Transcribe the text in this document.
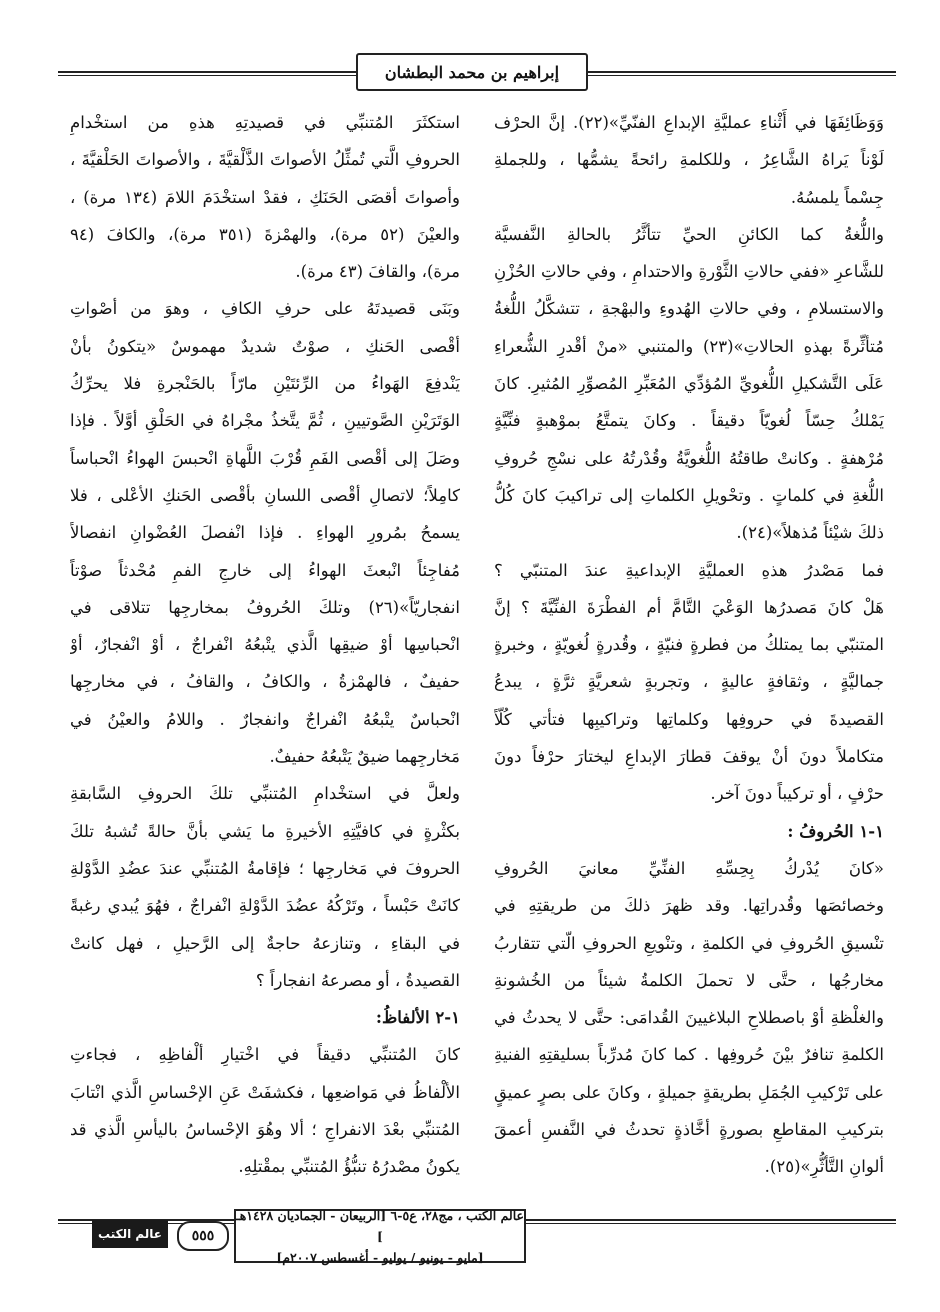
إبراهيم بن محمد البطشان
وَوَظَائِفَهَا في أَثْناءِ عمليَّةِ الإبداعِ الفنّيِّ»(٢٢). إنَّ الحرْف
لَوْناً يَراهُ الشَّاعِرُ ، وللكلمةِ رائحةً يشمُّها ، وللجملةِ
جِسْماً يلمسُهُ.
واللُّغةُ كما الكائنِ الحيِّ تتأثَّرُ بالحالةِ النَّفسيَّة
للشَّاعرِ «ففي حالاتِ الثَّوْرةِ والاحتدامِ ، وفي حالاتِ الحُزْنِ
والاستسلامِ ، وفي حالاتِ الهُدوءِ والبهْجةِ ، تتشكَّلُ اللُّغةُ
مُتأثِّرةً بهذهِ الحالاتِ»(٢٣) والمتنبي «منْ أقْدرِ الشُّعراءِ
عَلَى التَّشكيلِ اللُّغويِّ المُؤدِّي المُعَبِّرِ المُصوِّرِ المُثيرِ. كانَ
يَمْلكُ حِسّاً لُغويّاً دقيقاً . وكانَ يتمتَّعُ بموْهبةٍ فنِّيَّةٍ
مُرْهفةٍ . وكانتْ طاقتُهُ اللُّغويَّةُ وقُدْرتُهُ على نسْجِ حُروفِ
اللُّغةِ في كلماتٍ . وتحْويلِ الكلماتِ إلى تراكيبَ كانَ كُلُّ
ذلكَ شيْئاً مُذهلاً»(٢٤).
فما مَصْدرُ هذهِ العمليَّةِ الإبداعيةِ عندَ المتنبّي ؟
هَلْ كانَ مَصدرُها الوَعْيَ التَّامَّ أم الفطْرَةَ الفنِّيَّةَ ؟ إنَّ
المتنبّي بما يمتلكُ من فطرةٍ فنيّةٍ ، وقُدرةٍ لُغويّةٍ ، وخبرةٍ
جماليَّةٍ ، وثقافةٍ عاليةٍ ، وتجربةٍ شعريَّةٍ ثرَّةٍ ، يبدعُ
القصيدةَ في حروفِها وكلماتِها وتراكيبِها فتأتي كُلّاً
متكاملاً دونَ أنْ يوقفَ قطارَ الإبداعِ ليختارَ حرْفاً دونَ
حرْفٍ ، أو تركيباً دونَ آخر.
١-١ الحُروفُ :
«كانَ يُدْركُ بِحِسِّهِ الفنِّيِّ معانيَ الحُروفِ
وخصائصَها وقُدراتِها. وقد ظهرَ ذلكَ من طريقتِهِ في
تنْسيقِ الحُروفِ في الكلمةِ ، وتنْويعِ الحروفِ الّتي تتقاربُ
مخارجُها ، حتَّى لا تحملَ الكلمةُ شيئاً من الخُشونةِ
والغلْظةِ أوْ باصطلاحِ البلاغيينَ القُدامَى: حتَّى لا يحدثُ في
الكلمةِ تنافرٌ بيْنَ حُروفِها . كما كانَ مُدرِّباً بسليقتِهِ الفنيةِ
على تَرْكيبِ الجُمَلِ بطريقةٍ جميلةٍ ، وكانَ على بصرٍ عميقٍ
بتركيبِ المقاطعِ بصورةٍ أخَّاذةٍ تحدثُ في النَّفسِ أعمقَ
ألوانِ التَّأثُّرِ»(٢٥).
استكثَرَ المُتنبِّي في قصيدتِهِ هذهِ من استخْدامِ
الحروفِ الَّتي تُمثِّلُ الأصواتَ الذَّلْقيَّةَ ، والأصواتَ الحَلْقيَّةَ ،
وأصواتَ أقصَى الحَنَكِ ، فقدْ استخْدَمَ اللامَ (١٣٤ مرة) ،
والعيْنَ (٥٢ مرة)، والهمْزةَ (٣٥١ مرة)، والكافَ (٩٤
مرة)، والقافَ (٤٣ مرة).
وبَنَى قصيدتَهُ على حرفِ الكافِ ، وهوَ من أصْواتِ
أقْصى الحَنكِ ، صوْتٌ شديدٌ مهموسٌ «يتكونُ بأنْ
يَنْدفِعَ الهَواءُ من الرِّئتَيْنِ مارّاً بالحَنْجرةِ فلا يحرِّكُ
الوَتَرَيْنِ الصَّوتيينِ ، ثُمَّ يتَّخذُ مجْراهُ في الحَلْقِ أوَّلاً . فإذا
وصَلَ إلى أقْصى الفَمِ قُرْبَ اللَّهاةِ انْحبسَ الهواءُ انْحباساً
كامِلاً؛ لاتصالِ أقْصى اللسانِ بأقْصى الحَنكِ الأعْلى ، فلا
يسمحُ بمُرورِ الهواءِ . فإذا انْفصلَ العُضْوانِ انفصالاً
مُفاجِئاً انْبعثَ الهواءُ إلى خارجِ الفمِ مُحْدثاً صوْتاً
انفجاريّاً»(٢٦) وتلكَ الحُروفُ بمخارجِها تتلاقى في
انْحباسِها أوْ ضيقِها الَّذي يتْبعُهُ انْفراجٌ ، أوْ انْفجارٌ، أوْ
حفيفٌ ، فالهمْزةُ ، والكافُ ، والقافُ ، في مخارجِها
انْحباسٌ يتْبعُهُ انْفراجٌ وانفجارٌ . واللامُ والعيْنُ في
مَخارجِهما ضيقٌ يَتْبعُهُ حفيفٌ.
ولعلَّ في استخْدامِ المُتنبِّي تلكَ الحروفِ السَّابقةِ
بكثْرةٍ في كافيَّتِهِ الأخيرةِ ما يَشي بأنَّ حالةً تُشبهُ تلكَ
الحروفَ في مَخارجِها ؛ فإقامةُ المُتنبِّي عندَ عضُدِ الدَّوْلةِ
كانَتْ حَبْساً ، وتَرْكُهُ عضُدَ الدَّوْلةِ انْفراجٌ ، فهُوَ يُبدي رغبةً
في البقاءِ ، وتنازعهُ حاجةٌ إلى الرَّحيلِ ، فهل كانتْ
القصيدةُ ، أو مصرعهُ انفجاراً ؟
١-٢ الألفاظُ:
كانَ المُتنبِّي دقيقاً في اخْتيارِ ألْفاظِهِ ، فجاءتِ
الألْفاظُ في مَواضعِها ، فكشفَتْ عَنِ الإحْساسِ الَّذي انْتابَ
المُتنبِّي بعْدَ الانفراجِ ؛ ألا وهُوَ الإحْساسُ باليأسِ الَّذي قد
يكونُ مصْدرُهُ تنبُّؤُ المُتنبِّي بمقْتلِهِ.
عالم الكتب ، مج٢٨، ع٥-٦ [الربيعان - الجماديان ١٤٢٨هـ ]
[مايو - يونيو / يوليو - أغسطس ٢٠٠٧م]
٥٥٥
عالم الكتب
